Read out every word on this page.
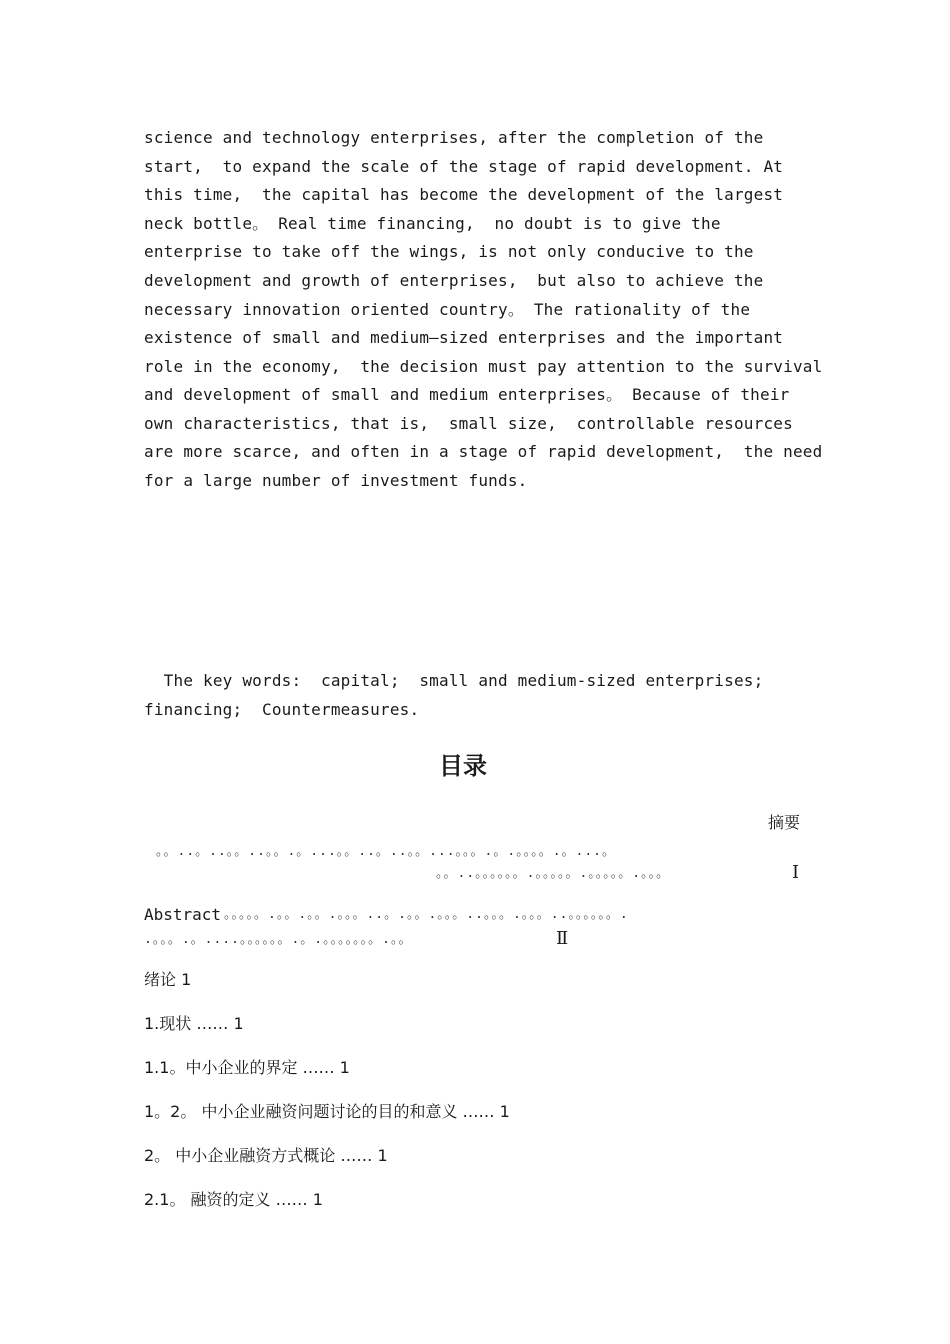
science and technology enterprises, after the completion of the
start,  to expand the scale of the stage of rapid development. At
this time,  the capital has become the development of the largest
neck bottle。 Real time financing,  no doubt is to give the
enterprise to take off the wings, is not only conducive to the
development and growth of enterprises,  but also to achieve the
necessary innovation oriented country。 The rationality of the
existence of small and medium—sized enterprises and the important
role in the economy,  the decision must pay attention to the survival
and development of small and medium enterprises。 Because of their
own characteristics, that is,  small size,  controllable resources
are more scarce, and often in a stage of rapid development,  the need
for a large number of investment funds.
The key words:  capital;  small and medium-sized enterprises;
financing;  Countermeasures.
目录
摘要
。。..。..。。..。。.。...。。..。..。。...。。。.。.。。。。.。...。
。。..。。。。。。.。。。。。.。。。。。.。。。	I
Abstract 。。。。。.。。.。。.。。。..。.。。.。。。..。。。.。。。..。。。。。。.
.。。。.。....。。。。。。.。.。。。。。。。.。。	Ⅱ
绪论 1
1.现状 …… 1
1.1。中小企业的界定 …… 1
1。2。 中小企业融资问题讨论的目的和意义 …… 1
2。 中小企业融资方式概论 …… 1
2.1。 融资的定义 …… 1
